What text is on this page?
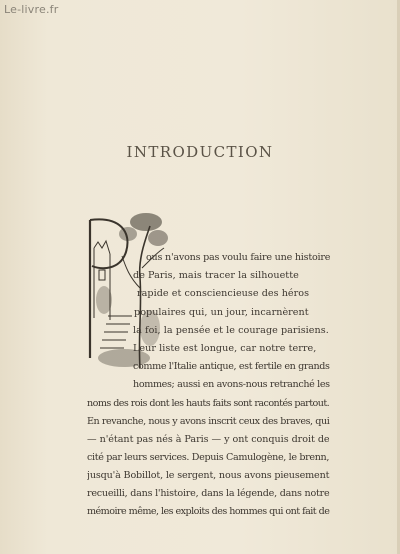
Le-livre.fr
INTRODUCTION
ous n'avons pas voulu faire une histoire
de Paris, mais tracer la silhouette
rapide et consciencieuse des héros
populaires qui, un jour, incarnèrent
la foi, la pensée et le courage parisiens.
Leur liste est longue, car notre terre,
comme l'Italie antique, est fertile en grands
hommes; aussi en avons-nous retranché les
noms des rois dont les hauts faits sont racontés partout.
En revanche, nous y avons inscrit ceux des braves, qui
— n'étant pas nés à Paris — y ont conquis droit de
cité par leurs services. Depuis Camulogène, le brenn,
jusqu'à Bobillot, le sergent, nous avons pieusement
recueilli, dans l'histoire, dans la légende, dans notre
mémoire même, les exploits des hommes qui ont fait de
